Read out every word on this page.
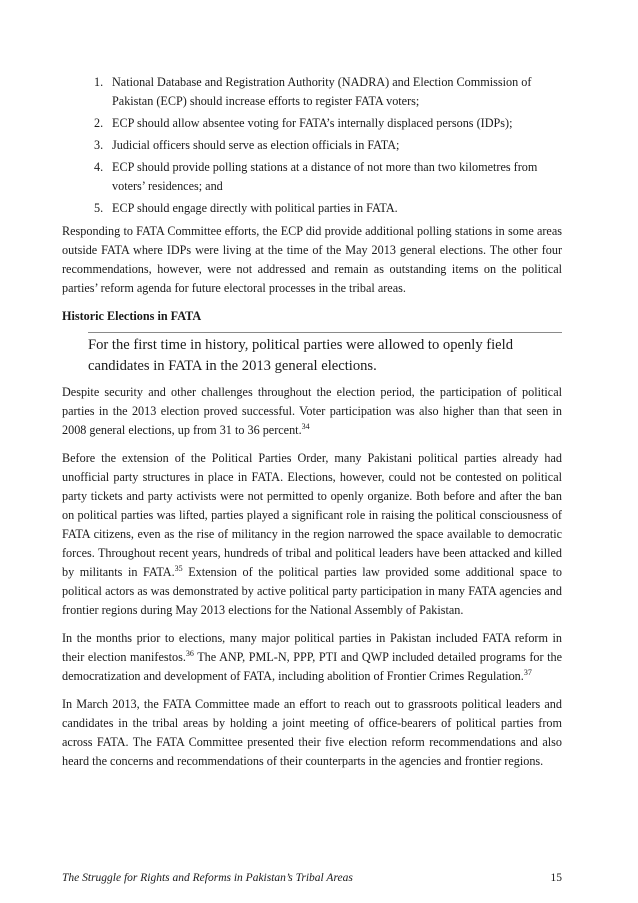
1. National Database and Registration Authority (NADRA) and Election Commission of Pakistan (ECP) should increase efforts to register FATA voters;
2. ECP should allow absentee voting for FATA’s internally displaced persons (IDPs);
3. Judicial officers should serve as election officials in FATA;
4. ECP should provide polling stations at a distance of not more than two kilometres from voters’ residences; and
5. ECP should engage directly with political parties in FATA.

Responding to FATA Committee efforts, the ECP did provide additional polling stations in some areas outside FATA where IDPs were living at the time of the May 2013 general elections. The other four recommendations, however, were not addressed and remain as outstanding items on the political parties’ reform agenda for future electoral processes in the tribal areas.

Historic Elections in FATA
For the first time in history, political parties were allowed to openly field candidates in FATA in the 2013 general elections.

Despite security and other challenges throughout the election period, the participation of political parties in the 2013 election proved successful. Voter participation was also higher than that seen in 2008 general elections, up from 31 to 36 percent.$^{34}$

Before the extension of the Political Parties Order, many Pakistani political parties already had unofficial party structures in place in FATA. Elections, however, could not be contested on political party tickets and party activists were not permitted to openly organize. Both before and after the ban on political parties was lifted, parties played a significant role in raising the political consciousness of FATA citizens, even as the rise of militancy in the region narrowed the space available to democratic forces. Throughout recent years, hundreds of tribal and political leaders have been attacked and killed by militants in FATA.$^{35}$ Extension of the political parties law provided some additional space to political actors as was demonstrated by active political party participation in many FATA agencies and frontier regions during May 2013 elections for the National Assembly of Pakistan.

In the months prior to elections, many major political parties in Pakistan included FATA reform in their election manifestos.$^{36}$ The ANP, PML-N, PPP, PTI and QWP included detailed programs for the democratization and development of FATA, including abolition of Frontier Crimes Regulation.$^{37}$

In March 2013, the FATA Committee made an effort to reach out to grassroots political leaders and candidates in the tribal areas by holding a joint meeting of office-bearers of political parties from across FATA. The FATA Committee presented their five election reform recommendations and also heard the concerns and recommendations of their counterparts in the agencies and frontier regions.

The Struggle for Rights and Reforms in Pakistan’s Tribal Areas	15
